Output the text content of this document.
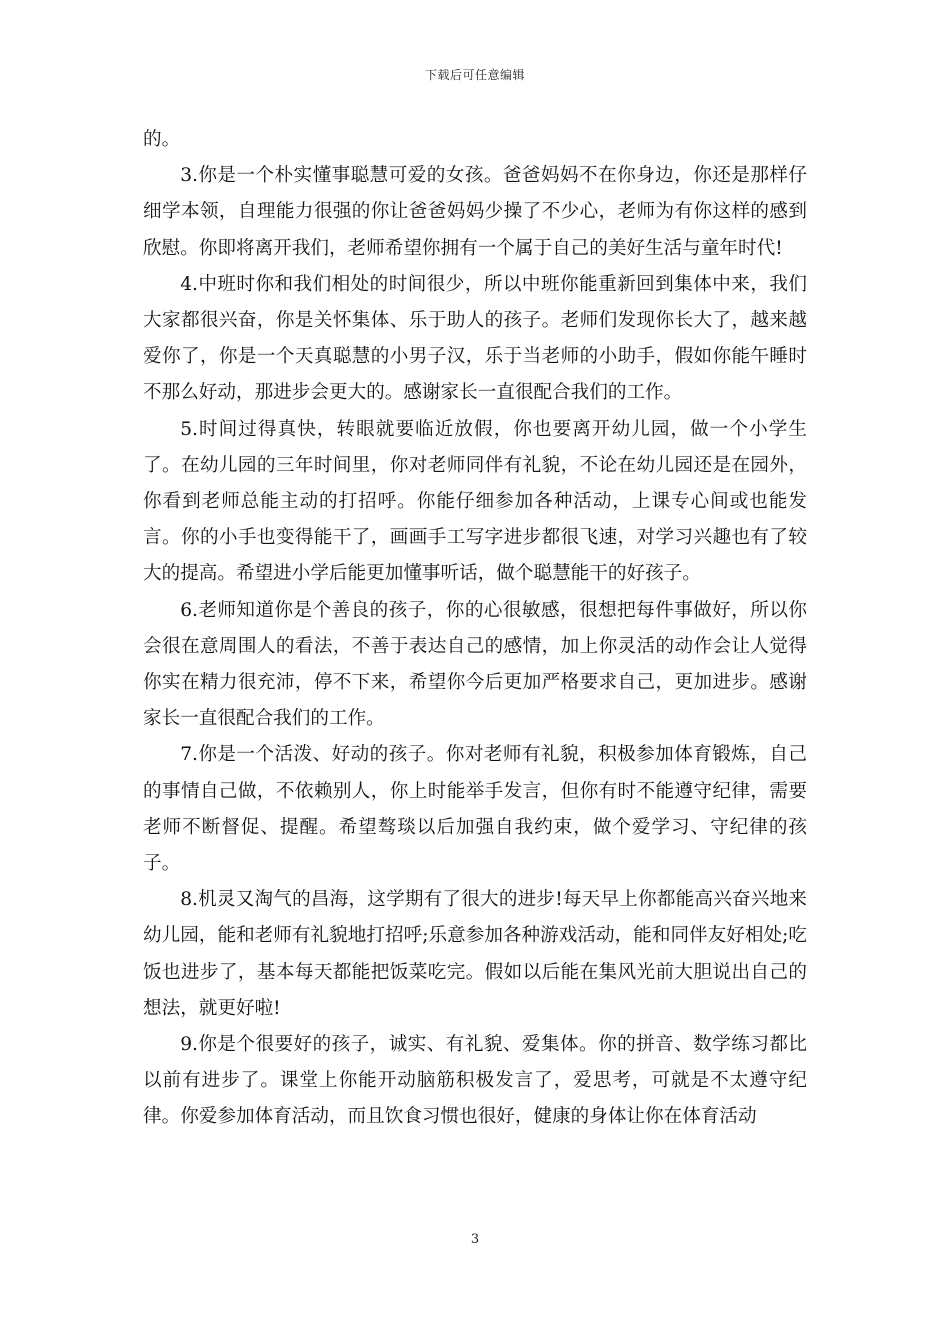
下载后可任意编辑

的。

3.你是一个朴实懂事聪慧可爱的女孩。爸爸妈妈不在你身边，你还是那样仔细学本领，自理能力很强的你让爸爸妈妈少操了不少心，老师为有你这样的感到欣慰。你即将离开我们，老师希望你拥有一个属于自己的美好生活与童年时代!

4.中班时你和我们相处的时间很少，所以中班你能重新回到集体中来，我们大家都很兴奋，你是关怀集体、乐于助人的孩子。老师们发现你长大了，越来越爱你了，你是一个天真聪慧的小男子汉，乐于当老师的小助手，假如你能午睡时不那么好动，那进步会更大的。感谢家长一直很配合我们的工作。

5.时间过得真快，转眼就要临近放假，你也要离开幼儿园，做一个小学生了。在幼儿园的三年时间里，你对老师同伴有礼貌，不论在幼儿园还是在园外，你看到老师总能主动的打招呼。你能仔细参加各种活动，上课专心间或也能发言。你的小手也变得能干了，画画手工写字进步都很飞速，对学习兴趣也有了较大的提高。希望进小学后能更加懂事听话，做个聪慧能干的好孩子。

6.老师知道你是个善良的孩子，你的心很敏感，很想把每件事做好，所以你会很在意周围人的看法，不善于表达自己的感情，加上你灵活的动作会让人觉得你实在精力很充沛，停不下来，希望你今后更加严格要求自己，更加进步。感谢家长一直很配合我们的工作。

7.你是一个活泼、好动的孩子。你对老师有礼貌，积极参加体育锻炼，自己的事情自己做，不依赖别人，你上时能举手发言，但你有时不能遵守纪律，需要老师不断督促、提醒。希望骜琰以后加强自我约束，做个爱学习、守纪律的孩子。

8.机灵又淘气的昌海，这学期有了很大的进步!每天早上你都能高兴奋兴地来幼儿园，能和老师有礼貌地打招呼;乐意参加各种游戏活动，能和同伴友好相处;吃饭也进步了，基本每天都能把饭菜吃完。假如以后能在集风光前大胆说出自己的想法，就更好啦!

9.你是个很要好的孩子，诚实、有礼貌、爱集体。你的拼音、数学练习都比以前有进步了。课堂上你能开动脑筋积极发言了，爱思考，可就是不太遵守纪律。你爱参加体育活动，而且饮食习惯也很好，健康的身体让你在体育活动

3
